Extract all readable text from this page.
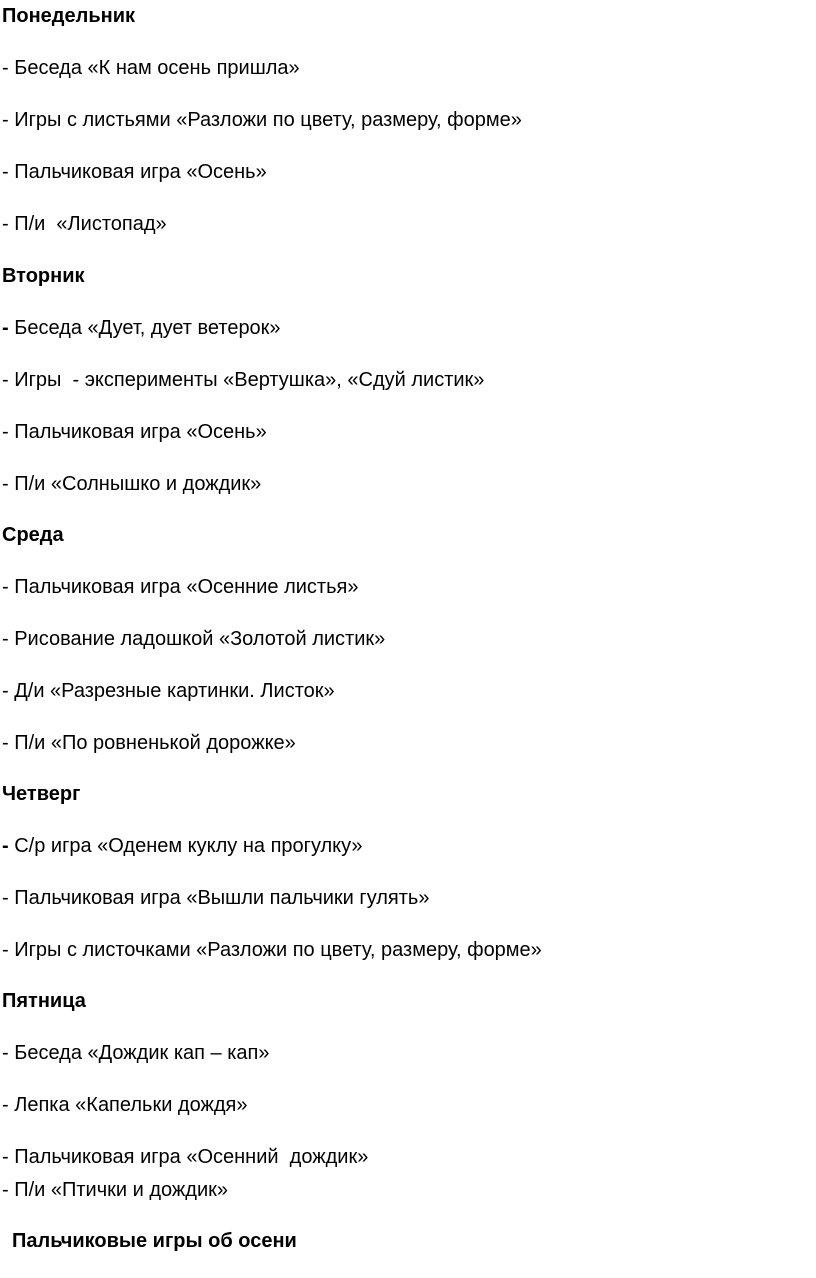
Понедельник
- Беседа «К нам осень пришла»
- Игры с листьями «Разложи по цвету, размеру, форме»
- Пальчиковая игра «Осень»
- П/и  «Листопад»
Вторник
- Беседа «Дует, дует ветерок»
- Игры  - эксперименты «Вертушка», «Сдуй листик»
- Пальчиковая игра «Осень»
- П/и «Солнышко и дождик»
Среда
- Пальчиковая игра «Осенние листья»
- Рисование ладошкой «Золотой листик»
- Д/и «Разрезные картинки. Листок»
- П/и «По ровненькой дорожке»
Четверг
- С/р игра «Оденем куклу на прогулку»
- Пальчиковая игра «Вышли пальчики гулять»
- Игры с листочками «Разложи по цвету, размеру, форме»
Пятница
- Беседа «Дождик кап – кап»
- Лепка «Капельки дождя»
- Пальчиковая игра «Осенний  дождик»
- П/и «Птички и дождик»
Пальчиковые игры об осени
